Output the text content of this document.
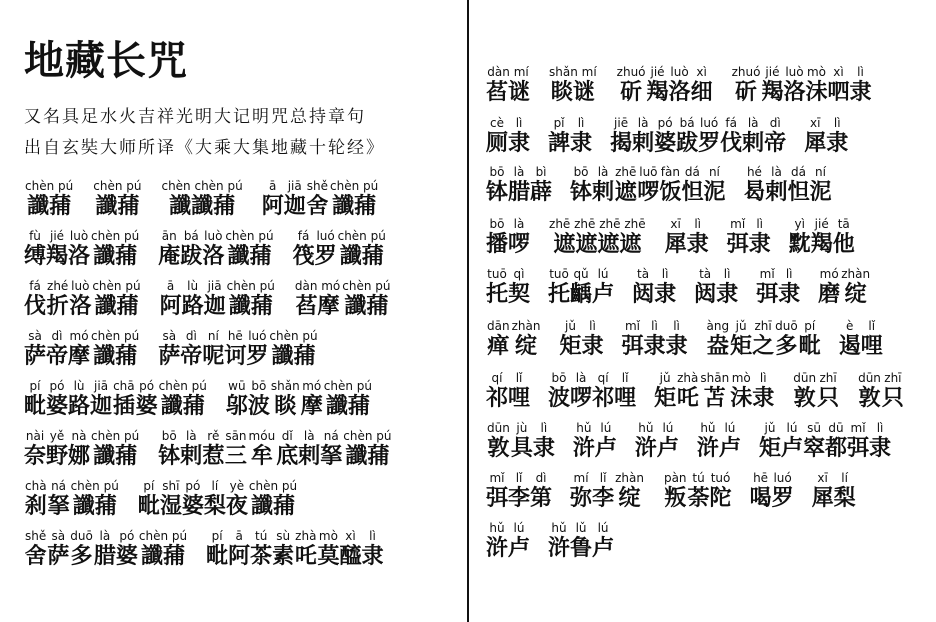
地藏长咒
又名具足水火吉祥光明大记明咒总持章句
出自玄奘大师所译《大乘大集地藏十轮经》
chèn pú
讖蒱
chèn pú
讖蒱
chèn chèn pú
讖讖蒱
ā
阿
jiā
迦
shě
舍
chèn pú
讖蒱
fù
缚
jié
羯
luò
洛
chèn pú
讖蒱
ān
庵
bá
跋
luò
洛
chèn pú
讖蒱
fá
筏
luó
罗
chèn pú
讖蒱
fá
伐
zhé
折
luò
洛
chèn pú
讖蒱
ā
阿
lù
路
jiā
迦
chèn pú
讖蒱
dàn mó
萏摩
chèn pú
讖蒱
sà
萨
dì
帝
mó
摩
chèn pú
讖蒱
sà
萨
dì
帝
ní
呢
hē
诃
luó
罗
chèn pú
讖蒱
pí
毗
pó
婆
lù
路
jiā
迦
chā
插
pó
婆
chèn pú
讖蒱
wū
邬
bō
波
shǎn
睒
mó
摩
chèn pú
讖蒱
nài
奈
yě
野
nà
娜
chèn pú
讖蒱
bō
钵
là
剌
rě
惹
sān
三
móu
牟
dǐ
底
là
剌
ná
拏
chèn pú
讖蒱
chà
刹
ná
拏
chèn pú
讖蒱
pí
毗
shī
湿
pó
婆
lí
梨
yè
夜
chèn pú
讖蒱
shě
舍
sà
萨
duō
多
là
腊
pó
婆
chèn pú
讖蒱
pí
毗
ā
阿
tú
茶
sù
素
zhà
吒
mò
莫
xì
醯
lì
隶
dàn mí
萏谜
shǎn mí
睒谜
zhuó
斫
jié
羯
luò
洛
xì
细
zhuó
斫
jié
羯
luò
洛
mò
沬
xì
呬
lì
隶
cè
厕
lì
隶
pǐ
諀
lì
隶
jiē
揭
là
剌
pó
婆
bá
跋
luó
罗
fá
伐
là
剌
dì
帝
xī
犀
lì
隶
bō
钵
là
腊
bì
薜
bō
钵
là
剌
zhē
遮
luō
啰
fàn
饭
dá
怛
ní
泥
hé
曷
là
剌
dá
怛
ní
泥
bō
播
là
啰
zhē zhē zhē zhē
遮遮遮遮
xī
犀
lì
隶
mǐ
弭
lì
隶
yì
黕
jié
羯
tā
他
tuō
托
qì
契
tuō
托
qǔ
齲
lú
卢
tà
闼
lì
隶
tà
闼
lì
隶
mǐ
弭
lì
隶
mó
磨
zhàn
绽
dān
瘅
zhàn
绽
jǔ
矩
lì
隶
mǐ
弭
lì
隶
lì
隶
àng
盎
jǔ
矩
zhī
之
duō
多
pí
毗
è
遏
lǐ
哩
qí
祁
lǐ
哩
bō
波
là
啰
qí
祁
lǐ
哩
jǔ
矩
zhà
吒
shān
苫
mò
沬
lì
隶
dūn
敦
zhī
只
dūn
敦
zhī
只
dūn
敦
jù
具
lì
隶
hǔ
浒
lú
卢
hǔ
浒
lú
卢
hǔ
浒
lú
卢
jǔ
矩
lú
卢
sū
窣
dū
都
mǐ
弭
lì
隶
mǐ
弭
lǐ
李
dì
第
mí
弥
lǐ
李
zhàn
绽
pàn
叛
tú
荼
tuó
陀
hē
喝
luó
罗
xī
犀
lí
梨
hǔ
浒
lú
卢
hǔ
浒
lǔ
鲁
lú
卢
